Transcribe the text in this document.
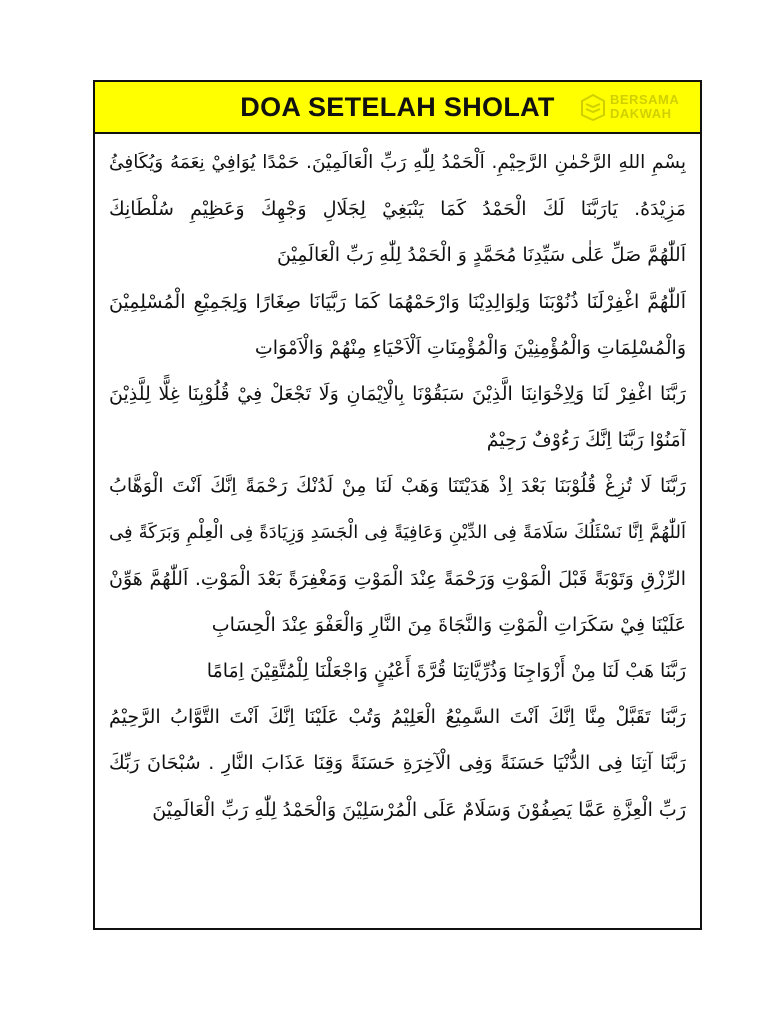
DOA SETELAH SHOLAT	BERSAMA
DAKWAH

بِسْمِ اللهِ الرَّحْمٰنِ الرَّحِيْمِ. اَلْحَمْدُ لِلّٰهِ رَبِّ الْعَالَمِيْنَ. حَمْدًا يُوَافِيْ نِعَمَهُ وَيُكَافِئُ

مَزِيْدَهُ. يَارَبَّنَا لَكَ الْحَمْدُ كَمَا يَنْبَغِيْ لِجَلَالِ وَجْهِكَ وَعَظِيْمِ سُلْطَانِكَ

اَللّٰهُمَّ صَلِّ عَلٰى سَيِّدِنَا مُحَمَّدٍ وَ الْحَمْدُ لِلّٰهِ رَبِّ الْعَالَمِيْنَ

اَللّٰهُمَّ اغْفِرْلَنَا ذُنُوْبَنَا وَلِوَالِدِيْنَا وَارْحَمْهُمَا كَمَا رَبَّيَانَا صِغَارًا وَلِجَمِيْعِ الْمُسْلِمِيْنَ

وَالْمُسْلِمَاتِ وَالْمُؤْمِنِيْنَ وَالْمُؤْمِنَاتِ اَلْاَحْيَاءِ مِنْهُمْ وَالْاَمْوَاتِ

رَبَّنَا اغْفِرْ لَنَا وَلِاِخْوَانِنَا الَّذِيْنَ سَبَقُوْنَا بِالْاِيْمَانِ وَلَا تَجْعَلْ فِيْ قُلُوْبِنَا غِلًّا لِلَّذِيْنَ

آمَنُوْا رَبَّنَا اِنَّكَ رَءُوْفٌ رَحِيْمٌ

رَبَّنَا لَا تُزِغْ قُلُوْبَنَا بَعْدَ اِذْ هَدَيْتَنَا وَهَبْ لَنَا مِنْ لَدُنْكَ رَحْمَةً اِنَّكَ اَنْتَ الْوَهَّابُ

اَللّٰهُمَّ اِنَّا نَسْئَلُكَ سَلَامَةً فِى الدِّيْنِ وَعَافِيَةً فِى الْجَسَدِ وَزِيَادَةً فِى الْعِلْمِ وَبَرَكَةً فِى

الرِّزْقِ وَتَوْبَةً قَبْلَ الْمَوْتِ وَرَحْمَةً عِنْدَ الْمَوْتِ وَمَغْفِرَةً بَعْدَ الْمَوْتِ. اَللّٰهُمَّ هَوِّنْ

عَلَيْنَا فِيْ سَكَرَاتِ الْمَوْتِ وَالنَّجَاةَ مِنَ النَّارِ وَالْعَفْوَ عِنْدَ الْحِسَابِ

رَبَّنَا هَبْ لَنَا مِنْ أَزْوَاجِنَا وَذُرِّيَّاتِنَا قُرَّةَ أَعْيُنٍ وَاجْعَلْنَا لِلْمُتَّقِيْنَ اِمَامًا

رَبَّنَا تَقَبَّلْ مِنَّا اِنَّكَ اَنْتَ السَّمِيْعُ الْعَلِيْمُ وَتُبْ عَلَيْنَا اِنَّكَ اَنْتَ التَّوَّابُ الرَّحِيْمُ

رَبَّنَا آتِنَا فِى الدُّنْيَا حَسَنَةً وَفِى الْآخِرَةِ حَسَنَةً وَقِنَا عَذَابَ النَّارِ . سُبْحَانَ رَبِّكَ

رَبِّ الْعِزَّةِ عَمَّا يَصِفُوْنَ وَسَلَامٌ عَلَى الْمُرْسَلِيْنَ وَالْحَمْدُ لِلّٰهِ رَبِّ الْعَالَمِيْنَ
